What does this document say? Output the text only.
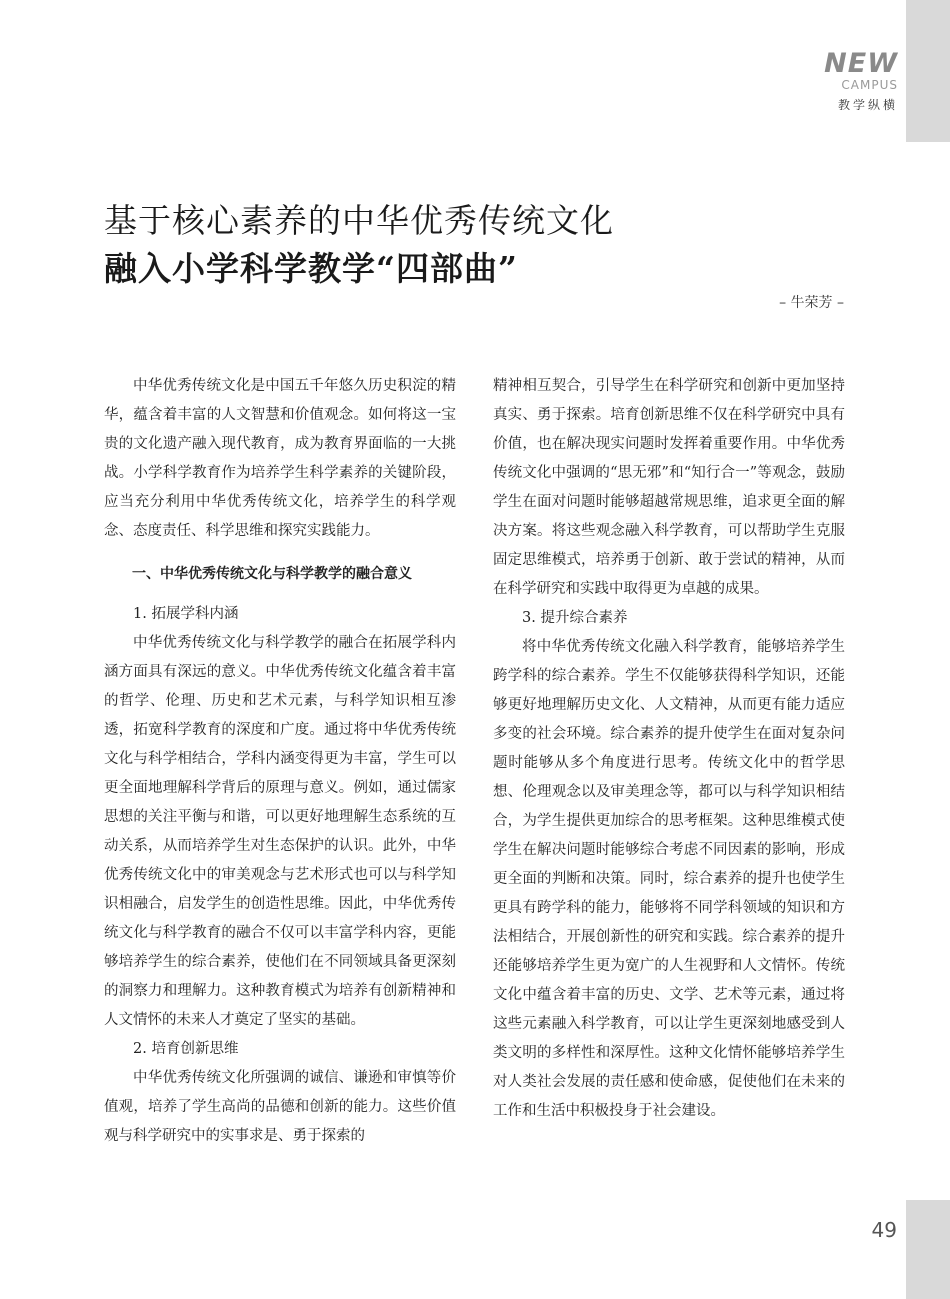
NEW
CAMPUS
教学纵横
基于核心素养的中华优秀传统文化
融入小学科学教学“四部曲”
– 牛荣芳 –

中华优秀传统文化是中国五千年悠久历史积淀的精华，蕴含着丰富的人文智慧和价值观念。如何将这一宝贵的文化遗产融入现代教育，成为教育界面临的一大挑战。小学科学教育作为培养学生科学素养的关键阶段，应当充分利用中华优秀传统文化，培养学生的科学观念、态度责任、科学思维和探究实践能力。

一、中华优秀传统文化与科学教学的融合意义
1. 拓展学科内涵

中华优秀传统文化与科学教学的融合在拓展学科内涵方面具有深远的意义。中华优秀传统文化蕴含着丰富的哲学、伦理、历史和艺术元素，与科学知识相互渗透，拓宽科学教育的深度和广度。通过将中华优秀传统文化与科学相结合，学科内涵变得更为丰富，学生可以更全面地理解科学背后的原理与意义。例如，通过儒家思想的关注平衡与和谐，可以更好地理解生态系统的互动关系，从而培养学生对生态保护的认识。此外，中华优秀传统文化中的审美观念与艺术形式也可以与科学知识相融合，启发学生的创造性思维。因此，中华优秀传统文化与科学教育的融合不仅可以丰富学科内容，更能够培养学生的综合素养，使他们在不同领域具备更深刻的洞察力和理解力。这种教育模式为培养有创新精神和人文情怀的未来人才奠定了坚实的基础。

2. 培育创新思维

中华优秀传统文化所强调的诚信、谦逊和审慎等价值观，培养了学生高尚的品德和创新的能力。这些价值观与科学研究中的实事求是、勇于探索的

精神相互契合，引导学生在科学研究和创新中更加坚持真实、勇于探索。培育创新思维不仅在科学研究中具有价值，也在解决现实问题时发挥着重要作用。中华优秀传统文化中强调的“思无邪”和“知行合一”等观念，鼓励学生在面对问题时能够超越常规思维，追求更全面的解决方案。将这些观念融入科学教育，可以帮助学生克服固定思维模式，培养勇于创新、敢于尝试的精神，从而在科学研究和实践中取得更为卓越的成果。

3. 提升综合素养

将中华优秀传统文化融入科学教育，能够培养学生跨学科的综合素养。学生不仅能够获得科学知识，还能够更好地理解历史文化、人文精神，从而更有能力适应多变的社会环境。综合素养的提升使学生在面对复杂问题时能够从多个角度进行思考。传统文化中的哲学思想、伦理观念以及审美理念等，都可以与科学知识相结合，为学生提供更加综合的思考框架。这种思维模式使学生在解决问题时能够综合考虑不同因素的影响，形成更全面的判断和决策。同时，综合素养的提升也使学生更具有跨学科的能力，能够将不同学科领域的知识和方法相结合，开展创新性的研究和实践。综合素养的提升还能够培养学生更为宽广的人生视野和人文情怀。传统文化中蕴含着丰富的历史、文学、艺术等元素，通过将这些元素融入科学教育，可以让学生更深刻地感受到人类文明的多样性和深厚性。这种文化情怀能够培养学生对人类社会发展的责任感和使命感，促使他们在未来的工作和生活中积极投身于社会建设。

49
